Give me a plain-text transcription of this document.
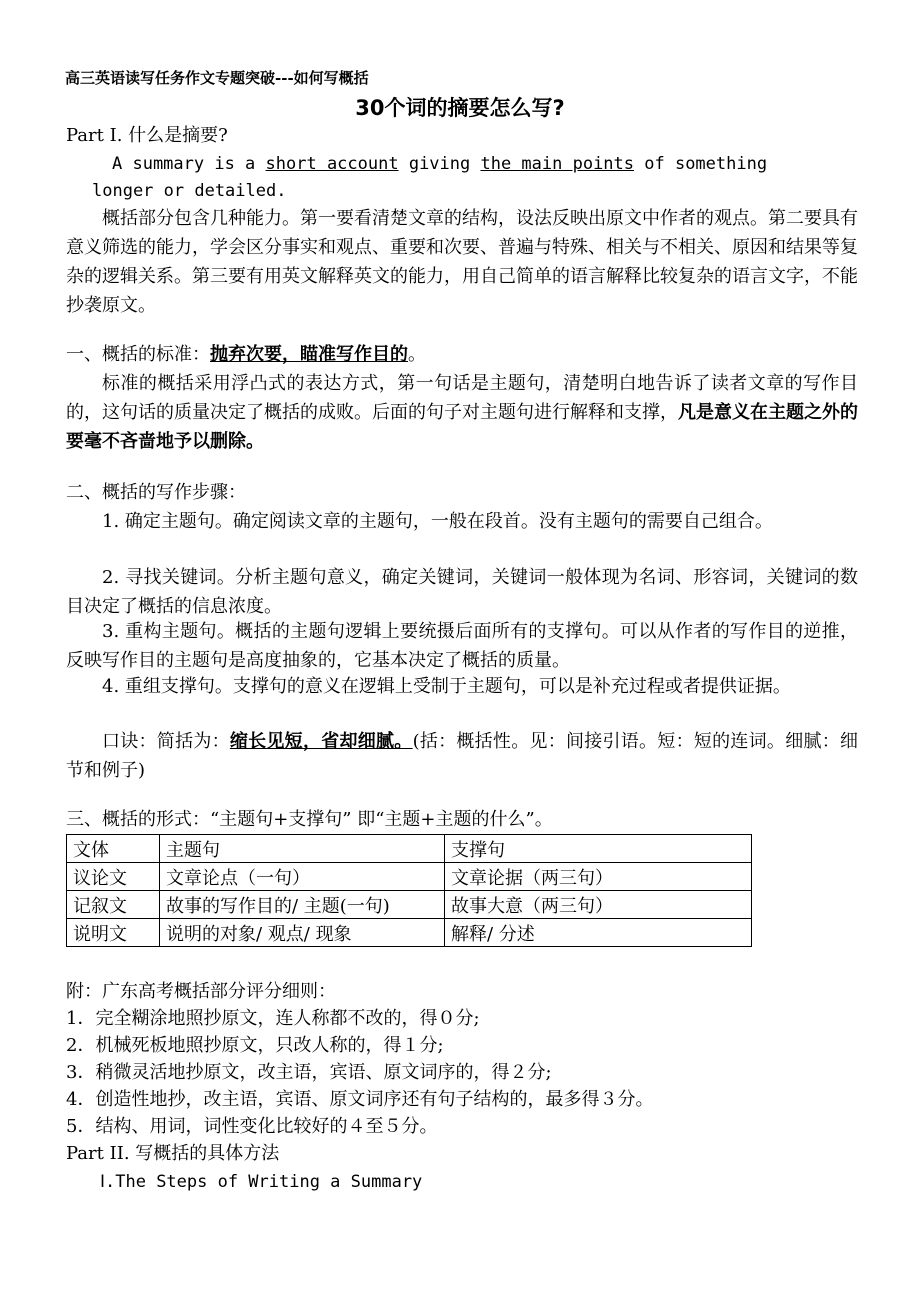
高三英语读写任务作文专题突破---如何写概括
30个词的摘要怎么写?
Part Ⅰ. 什么是摘要?
A summary is a short account giving the main points of something
longer or detailed.
概括部分包含几种能力。第一要看清楚文章的结构，设法反映出原文中作者的观点。第二要具有意义筛选的能力，学会区分事实和观点、重要和次要、普遍与特殊、相关与不相关、原因和结果等复杂的逻辑关系。第三要有用英文解释英文的能力，用自己简单的语言解释比较复杂的语言文字，不能抄袭原文。
一、概括的标准：抛弃次要，瞄准写作目的。
标准的概括采用浮凸式的表达方式，第一句话是主题句，清楚明白地告诉了读者文章的写作目的，这句话的质量决定了概括的成败。后面的句子对主题句进行解释和支撑，凡是意义在主题之外的要毫不吝啬地予以删除。
二、概括的写作步骤：
1. 确定主题句。确定阅读文章的主题句，一般在段首。没有主题句的需要自己组合。
2. 寻找关键词。分析主题句意义，确定关键词，关键词一般体现为名词、形容词，关键词的数目决定了概括的信息浓度。
3. 重构主题句。概括的主题句逻辑上要统摄后面所有的支撑句。可以从作者的写作目的逆推，反映写作目的主题句是高度抽象的，它基本决定了概括的质量。
4. 重组支撑句。支撑句的意义在逻辑上受制于主题句，可以是补充过程或者提供证据。
口诀：简括为：缩长见短，省却细腻。(括：概括性。见：间接引语。短：短的连词。细腻：细节和例子)
三、概括的形式：“主题句+支撑句” 即“主题+主题的什么”。
文体	主题句	支撑句
议论文	文章论点（一句）	文章论据（两三句）
记叙文	故事的写作目的/ 主题(一句)	故事大意（两三句）
说明文	说明的对象/ 观点/ 现象	解释/ 分述
附：广东高考概括部分评分细则：
1．完全糊涂地照抄原文，连人称都不改的，得０分;
2．机械死板地照抄原文，只改人称的，得１分;
3．稍微灵活地抄原文，改主语，宾语、原文词序的，得２分;
4．创造性地抄，改主语，宾语、原文词序还有句子结构的，最多得３分。
5．结构、用词，词性变化比较好的４至５分。
Part II. 写概括的具体方法
Ⅰ.The Steps of Writing a Summary
